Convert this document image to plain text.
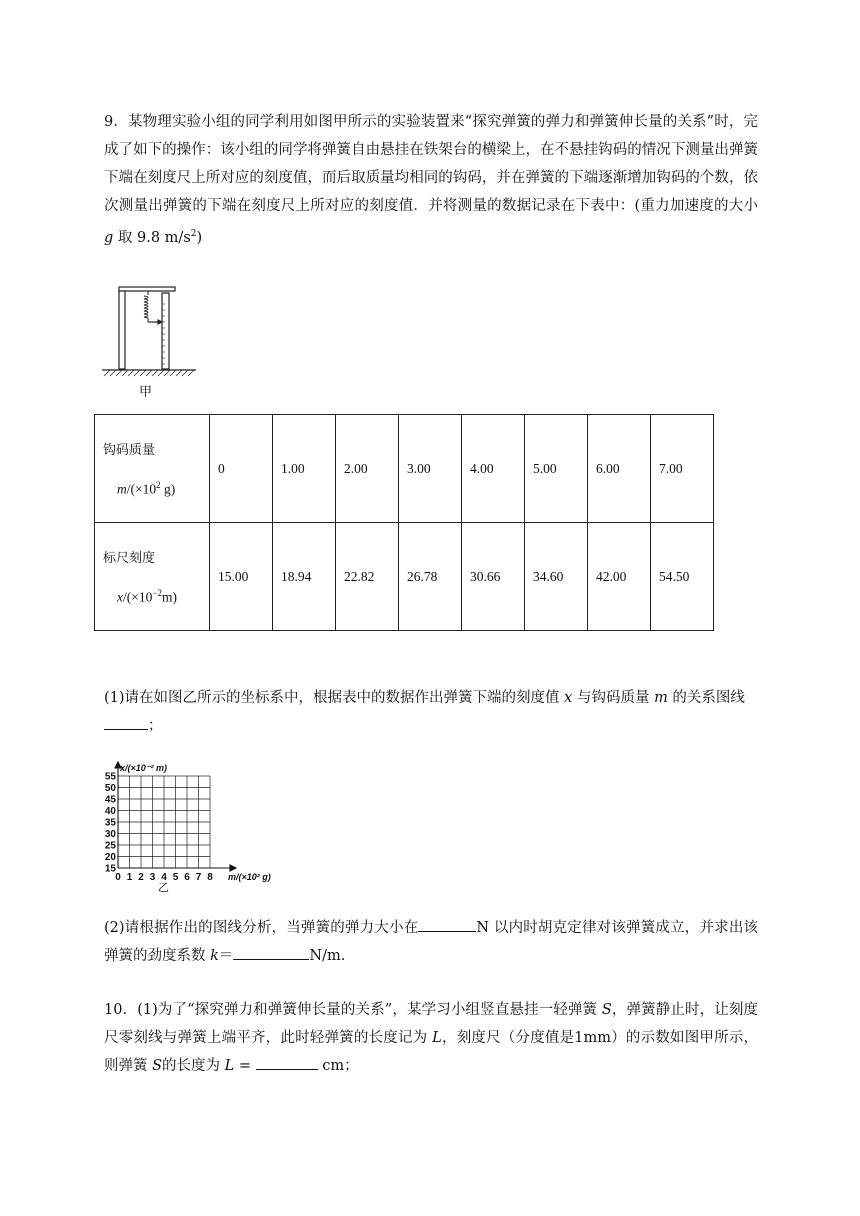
9．某物理实验小组的同学利用如图甲所示的实验装置来“探究弹簧的弹力和弹簧伸长量的关系”时，完成了如下的操作：该小组的同学将弹簧自由悬挂在铁架台的横梁上，在不悬挂钩码的情况下测量出弹簧下端在刻度尺上所对应的刻度值，而后取质量均相同的钩码，并在弹簧的下端逐渐增加钩码的个数，依次测量出弹簧的下端在刻度尺上所对应的刻度值．并将测量的数据记录在下表中：(重力加速度的大小 g 取 9.8 $m/s^2$)
甲
钩码质量
$m/(\times 10^2$ g)	0	1.00	2.00	3.00	4.00	5.00	6.00	7.00

标尺刻度
$x/(\times 10^{-2}m)$	15.00	18.94	22.82	26.78	30.66	34.60	42.00	54.50
(1)请在如图乙所示的坐标系中，根据表中的数据作出弹簧下端的刻度值 x 与钩码质量 m 的关系图线
；
15
20
25
30
35
40
45
50
55
0 1 2 3 4 5 6 7 8
x/(×10⁻² m)
m/(×10² g)
乙
(2)请根据作出的图线分析，当弹簧的弹力大小在	N 以内时胡克定律对该弹簧成立，并求出该弹簧的劲度系数 k＝	N/m.
10．(1)为了“探究弹力和弹簧伸长量的关系”，某学习小组竖直悬挂一轻弹簧 S，弹簧静止时，让刻度尺零刻线与弹簧上端平齐，此时轻弹簧的长度记为 L，刻度尺（分度值是1mm）的示数如图甲所示，则弹簧 S的长度为 L =	cm；
